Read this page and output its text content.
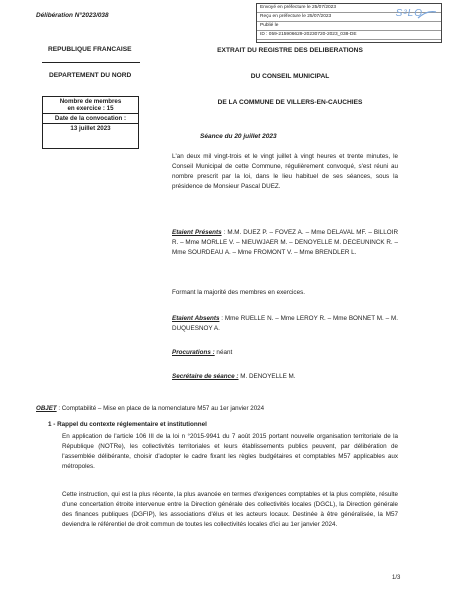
Délibération N°2023/038
Envoyé en préfecture le 25/07/2023
Reçu en préfecture le 25/07/2023
Publié le
ID : 059-215906629-20230720-2023_038-DE
S²LO
REPUBLIQUE FRANCAISE
DEPARTEMENT DU NORD
Nombre de membres
en exercice : 15
Date de la convocation :
13 juillet 2023
EXTRAIT DU REGISTRE DES DELIBERATIONS
DU CONSEIL MUNICIPAL
DE LA COMMUNE DE VILLERS-EN-CAUCHIES
Séance du 20 juillet 2023
L'an deux mil vingt-trois et le vingt juillet à vingt heures et trente minutes, le Conseil Municipal de cette Commune, régulièrement convoqué, s'est réuni au nombre prescrit par la loi, dans le lieu habituel de ses séances, sous la présidence de Monsieur Pascal DUEZ.
Etaient Présents : M.M. DUEZ P. – FOVEZ A. – Mme DELAVAL MF. – BILLOIR R. – Mme MORLLE V. – NIEUWJAER M. – DENOYELLE M. DECEUNINCK R. – Mme SOURDEAU A. – Mme FROMONT V. – Mme BRENDLER L.
Formant la majorité des membres en exercices.
Etaient Absents : Mme RUELLE N. – Mme LEROY R. – Mme BONNET M. – M. DUQUESNOY A.
Procurations : néant
Secrétaire de séance : M. DENOYELLE M.
OBJET : Comptabilité – Mise en place de la nomenclature M57 au 1er janvier 2024
1 - Rappel du contexte réglementaire et institutionnel
En application de l'article 106 III de la loi n °2015-9941 du 7 août 2015 portant nouvelle organisation territoriale de la République (NOTRe), les collectivités territoriales et leurs établissements publics peuvent, par délibération de l'assemblée délibérante, choisir d'adopter le cadre fixant les règles budgétaires et comptables M57 applicables aux métropoles.
Cette instruction, qui est la plus récente, la plus avancée en termes d'exigences comptables et la plus complète, résulte d'une concertation étroite intervenue entre la Direction générale des collectivités locales (DGCL), la Direction générale des finances publiques (DGFIP), les associations d'élus et les acteurs locaux. Destinée à être généralisée, la M57 deviendra le référentiel de droit commun de toutes les collectivités locales d'ici au 1er janvier 2024.
1/3
